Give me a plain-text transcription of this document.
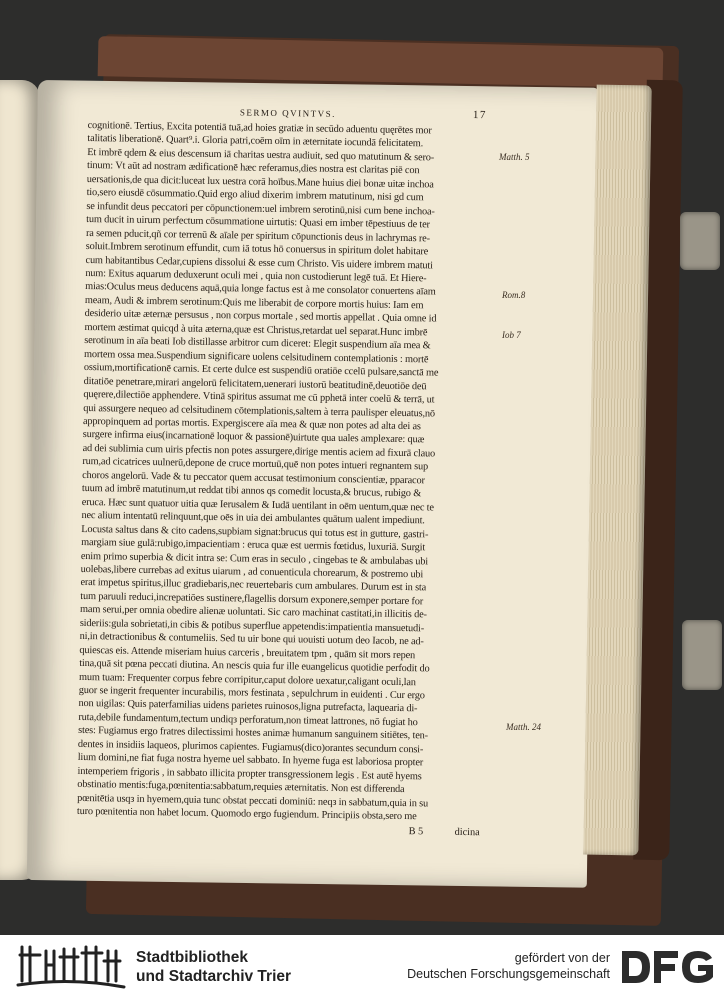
SERMO QVINTVS.	17
cognitionē. Tertius, Excita potentiā tuā,ad hoies gratiæ in secūdo aduentu quęrētes mor
talitatis liberationē. Quart⁹.i. Gloria patri,coēm oīm in æternitate iocundā felicitatem.
Et imbrē qdem & eius descensum iā charitas uestra audiuit, sed quo matutinum & sero-
tinum: Vt aūt ad nostram ædificationē hæc referamus,dies nostra est claritas piē con
uersationis,de qua dicit:luceat lux uestra corā hoībus.Mane huius diei bonæ uitæ inchoa
tio,sero eiusdē cōsummatio.Quid ergo aliud dixerim imbrem matutinum, nisi gd cum
se infundit deus peccatori per cōpunctionem:uel imbrem serotinū,nisi cum bene inchoa-
tum ducit in uirum perfectum cōsummatione uirtutis: Quasi em imber tēpestiuus de ter
ra semen pducit,qñ cor terrenū & aīale per spiritum cōpunctionis deus in lachrymas re-
soluit.Imbrem serotinum effundit, cum iā totus hō conuersus in spiritum dolet habitare
cum habitantibus Cedar,cupiens dissolui & esse cum Christo. Vis uidere imbrem matuti
num: Exitus aquarum deduxerunt oculi mei , quia non custodierunt legē tuā. Et Hiere-
mias:Oculus meus deducens aquā,quia longe factus est à me consolator conuertens aīam
meam, Audi & imbrem serotinum:Quis me liberabit de corpore mortis huius: Iam em
desiderio uitæ æternæ persusus , non corpus mortale , sed mortis appellat . Quia omne id
mortem æstimat quicqd à uita æterna,quæ est Christus,retardat uel separat.Hunc imbrē
serotinum in aīa beati Iob distillasse arbitror cum diceret: Elegit suspendium aīa mea &
mortem ossa mea.Suspendium significare uolens celsitudinem contemplationis : mortē
ossium,mortificationē carnis. Et certe dulce est suspendiū oratiōe ccelū pulsare,sanctā me
ditatiōe penetrare,mirari angelorū felicitatem,uenerari iustorū beatitudinē,deuotiōe deū
quęrere,dilectiōe apphendere. Vtinā spiritus assumat me cū pphetā inter coelū & terrā, ut
qui assurgere nequeo ad celsitudinem cōtemplationis,saltem à terra paulisper eleuatus,nō
appropinquem ad portas mortis. Expergiscere aīa mea & quæ non potes ad alta dei as
surgere infirma eius(incarnationē loquor & passionē)uirtute qua uales amplexare: quæ
ad dei sublimia cum uiris pfectis non potes assurgere,dirige mentis aciem ad fixurā clauo
rum,ad cicatrices uulnerū,depone de cruce mortuū,quē non potes intueri regnantem sup
choros angelorū. Vade & tu peccator quem accusat testimonium conscientiæ, pparacor
tuum ad imbrē matutinum,ut reddat tibi annos qs comedit locusta,& brucus, rubigo &
eruca. Hæc sunt quatuor uitia quæ Ierusalem & Iudā uentilant in oēm uentum,quæ nec te
nec alium intentatū relinquunt,que oēs in uia dei ambulantes quātum ualent impediunt.
Locusta saltus dans & cito cadens,supbiam signat:brucus qui totus est in gutture, gastri-
margiam siue gulā:rubigo,impacientiam : eruca quæ est uermis fœtidus, luxuriā. Surgit
enim primo superbia & dicit intra se: Cum eras in seculo , cingebas te & ambulabas ubi
uolebas,libere currebas ad exitus uiarum , ad conuenticula chorearum, & postremo ubi
erat impetus spiritus,illuc gradiebaris,nec reuertebaris cum ambulares. Durum est in sta
tum paruuli reduci,increpatiōes sustinere,flagellis dorsum exponere,semper portare for
mam serui,per omnia obedire alienæ uoluntati. Sic caro machinat castitati,in illicitis de-
sideriis:gula sobrietati,in cibis & potibus superflue appetendis:impatientia mansuetudi-
ni,in detractionibus & contumeliis. Sed tu uir bone qui uouisti uotum deo Iacob, ne ad-
quiescas eis. Attende miseriam huius carceris , breuitatem tpm , quām sit mors repen
tina,quā sit pœna peccati diutina. An nescis quia fur ille euangelicus quotidie perfodit do
mum tuam: Frequenter corpus febre corripitur,caput dolore uexatur,caligant oculi,lan
guor se ingerit frequenter incurabilis, mors festinata , sepulchrum in euidenti . Cur ergo
non uigilas: Quis paterfamilias uidens parietes ruinosos,ligna putrefacta, laquearia di-
ruta,debile fundamentum,tectum undiqз perforatum,non timeat lattrones, nō fugiat ho
stes: Fugiamus ergo fratres dilectissimi hostes animæ humanum sanguinem sitiētes, ten-
dentes in insidiis laqueos, plurimos capientes. Fugiamus(dico)orantes secundum consi-
lium domini,ne fiat fuga nostra hyeme uel sabbato. In hyeme fuga est laboriosa propter
intemperiem frigoris , in sabbato illicita propter transgressionem legis . Est autē hyems
obstinatio mentis:fuga,pœnitentia:sabbatum,requies æternitatis. Non est differenda
pœnitētia usqз in hyemem,quia tunc obstat peccati dominiū: neqз in sabbatum,quia in su
turo pœnitentia non habet locum. Quomodo ergo fugiendum. Principiis obsta,sero me
B 5	dicina
Matth. 5
Rom.8
Iob 7
Matth. 24
Stadtbibliothek
und Stadtarchiv Trier
gefördert von der
Deutschen Forschungsgemeinschaft
